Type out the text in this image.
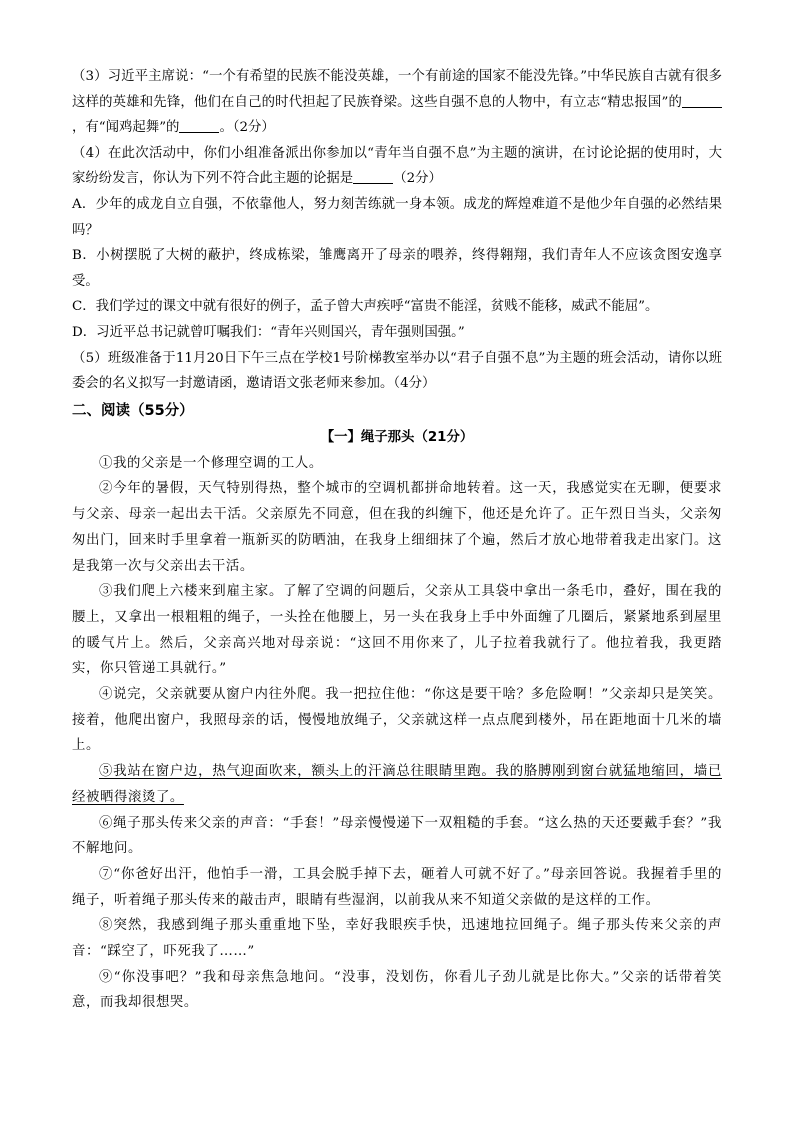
（3）习近平主席说：“一个有希望的民族不能没英雄，一个有前途的国家不能没先锋。”中华民族自古就有很多这样的英雄和先锋，他们在自己的时代担起了民族脊梁。这些自强不息的人物中，有立志“精忠报国”的，有“闻鸡起舞”的	。（2分）

（4）在此次活动中，你们小组准备派出你参加以“青年当自强不息”为主题的演讲，在讨论论据的使用时，大家纷纷发言，你认为下列不符合此主题的论据是	（2分）

A．少年的成龙自立自强，不依靠他人，努力刻苦练就一身本领。成龙的辉煌难道不是他少年自强的必然结果吗？

B．小树摆脱了大树的蔽护，终成栋梁，雏鹰离开了母亲的喂养，终得翱翔，我们青年人不应该贪图安逸享受。

C．我们学过的课文中就有很好的例子，孟子曾大声疾呼“富贵不能淫，贫贱不能移，威武不能屈”。

D．习近平总书记就曾叮嘱我们：“青年兴则国兴，青年强则国强。”

（5）班级准备于11月20日下午三点在学校1号阶梯教室举办以“君子自强不息”为主题的班会活动，请你以班委会的名义拟写一封邀请函，邀请语文张老师来参加。（4分）

二、阅读（55分）

【一】绳子那头（21分）

①我的父亲是一个修理空调的工人。

②今年的暑假，天气特别得热，整个城市的空调机都拼命地转着。这一天，我感觉实在无聊，便要求与父亲、母亲一起出去干活。父亲原先不同意，但在我的纠缠下，他还是允许了。正午烈日当头，父亲匆匆出门，回来时手里拿着一瓶新买的防晒油，在我身上细细抹了个遍，然后才放心地带着我走出家门。这是我第一次与父亲出去干活。

③我们爬上六楼来到雇主家。了解了空调的问题后，父亲从工具袋中拿出一条毛巾，叠好，围在我的腰上，又拿出一根粗粗的绳子，一头拴在他腰上，另一头在我身上手中外面缠了几圈后，紧紧地系到屋里的暖气片上。然后，父亲高兴地对母亲说：“这回不用你来了，儿子拉着我就行了。他拉着我，我更踏实，你只管递工具就行。”

④说完，父亲就要从窗户内往外爬。我一把拉住他：“你这是要干啥？多危险啊！”父亲却只是笑笑。接着，他爬出窗户，我照母亲的话，慢慢地放绳子，父亲就这样一点点爬到楼外，吊在距地面十几米的墙上。

⑤我站在窗户边，热气迎面吹来，额头上的汗滴总往眼睛里跑。我的胳膊刚到窗台就猛地缩回，墙已经被晒得滚烫了。

⑥绳子那头传来父亲的声音：“手套！”母亲慢慢递下一双粗糙的手套。“这么热的天还要戴手套？”我不解地问。

⑦“你爸好出汗，他怕手一滑，工具会脱手掉下去，砸着人可就不好了。”母亲回答说。我握着手里的绳子，听着绳子那头传来的敲击声，眼睛有些湿润，以前我从来不知道父亲做的是这样的工作。

⑧突然，我感到绳子那头重重地下坠，幸好我眼疾手快，迅速地拉回绳子。绳子那头传来父亲的声音：“踩空了，吓死我了……”

⑨“你没事吧？”我和母亲焦急地问。“没事，没划伤，你看儿子劲儿就是比你大。”父亲的话带着笑意，而我却很想哭。
